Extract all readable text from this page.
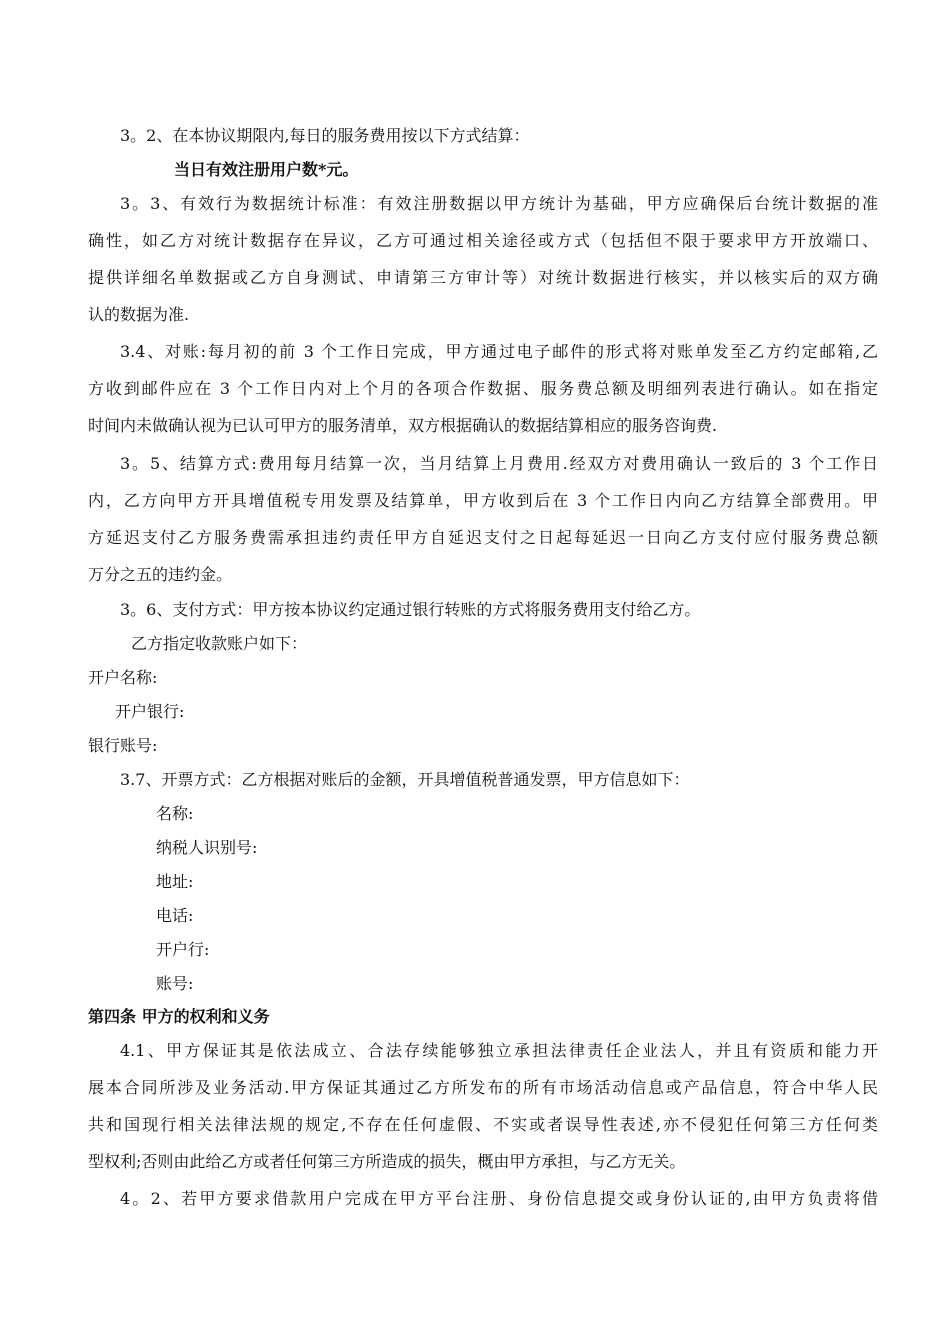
3。2、在本协议期限内,每日的服务费用按以下方式结算：
当日有效注册用户数*元。
3。3、有效行为数据统计标准：有效注册数据以甲方统计为基础，甲方应确保后台统计数据的准
确性，如乙方对统计数据存在异议，乙方可通过相关途径或方式（包括但不限于要求甲方开放端口、
提供详细名单数据或乙方自身测试、申请第三方审计等）对统计数据进行核实，并以核实后的双方确
认的数据为准.
3.4、对账:每月初的前 3 个工作日完成，甲方通过电子邮件的形式将对账单发至乙方约定邮箱,乙
方收到邮件应在 3 个工作日内对上个月的各项合作数据、服务费总额及明细列表进行确认。如在指定
时间内未做确认视为已认可甲方的服务清单，双方根据确认的数据结算相应的服务咨询费.
3。5、结算方式:费用每月结算一次，当月结算上月费用.经双方对费用确认一致后的 3 个工作日
内，乙方向甲方开具增值税专用发票及结算单，甲方收到后在 3 个工作日内向乙方结算全部费用。甲
方延迟支付乙方服务费需承担违约责任甲方自延迟支付之日起每延迟一日向乙方支付应付服务费总额
万分之五的违约金。
3。6、支付方式：甲方按本协议约定通过银行转账的方式将服务费用支付给乙方。
乙方指定收款账户如下：
开户名称:
开户银行:
银行账号:
3.7、开票方式：乙方根据对账后的金额，开具增值税普通发票，甲方信息如下：
名称:
纳税人识别号:
地址:
电话:
开户行:
账号:
第四条 甲方的权利和义务
4.1、甲方保证其是依法成立、合法存续能够独立承担法律责任企业法人，并且有资质和能力开
展本合同所涉及业务活动.甲方保证其通过乙方所发布的所有市场活动信息或产品信息，符合中华人民
共和国现行相关法律法规的规定,不存在任何虚假、不实或者误导性表述,亦不侵犯任何第三方任何类
型权利;否则由此给乙方或者任何第三方所造成的损失，概由甲方承担，与乙方无关。
4。2、若甲方要求借款用户完成在甲方平台注册、身份信息提交或身份认证的,由甲方负责将借
